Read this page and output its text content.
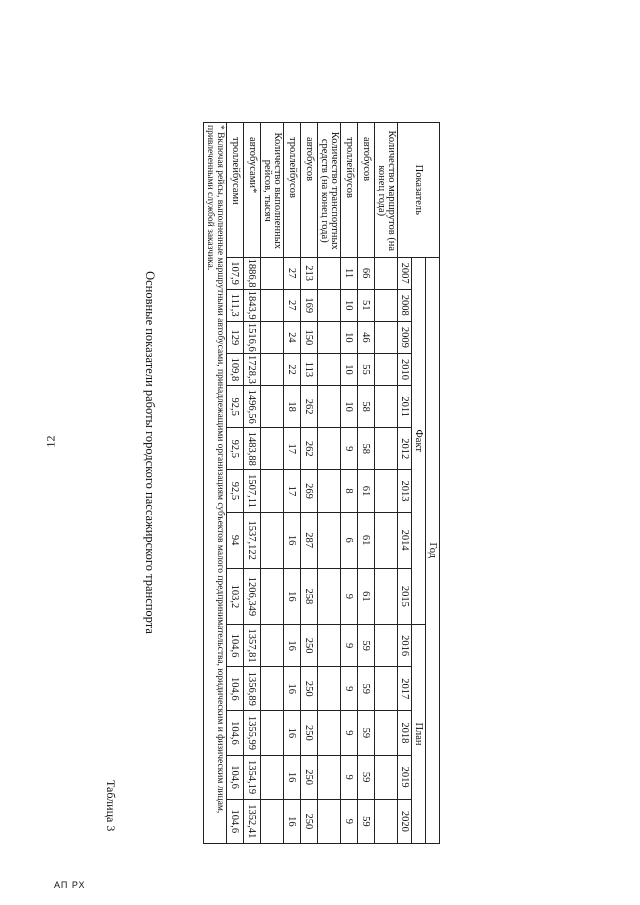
12
АП РХ
Таблица 3
Основные показатели работы городского пассажирского транспорта
Показатель	Год													
	Факт									План				
	2007	2008	2009	2010	2011	2012	2013	2014	2015	2016	2017	2018	2019	2020
Количество маршрутов (на конец года)														
автобусов	66	51	46	55	58	58	61	61	61	59	59	59	59	59
троллейбусов	11	10	10	10	10	9	8	6	9	9	9	9	9	9
Количество транспортных средств (на конец года)														
автобусов	213	169	150	113	262	262	269	287	258	250	250	250	250	250
троллейбусов	27	27	24	22	18	17	17	16	16	16	16	16	16	16
Количество выполненных рейсов, тысяч														
автобусами*	1886,8	1843,9	1516,6	1728,3	1496,56	1483,88	1507,11	1537,122	1206,349	1357,81	1356,89	1355,99	1354,19	1352,41
троллейбусами	107,9	111,3	129	109,8	92,5	92,5	92,5	94	103,2	104,6	104,6	104,6	104,6	104,6
* Включая рейсы, выполненные маршрутными автобусами, принадлежащими организациям субъектов малого предпринимательства, юридическим и физическим лицам, привлеченными службой заказчика.														
